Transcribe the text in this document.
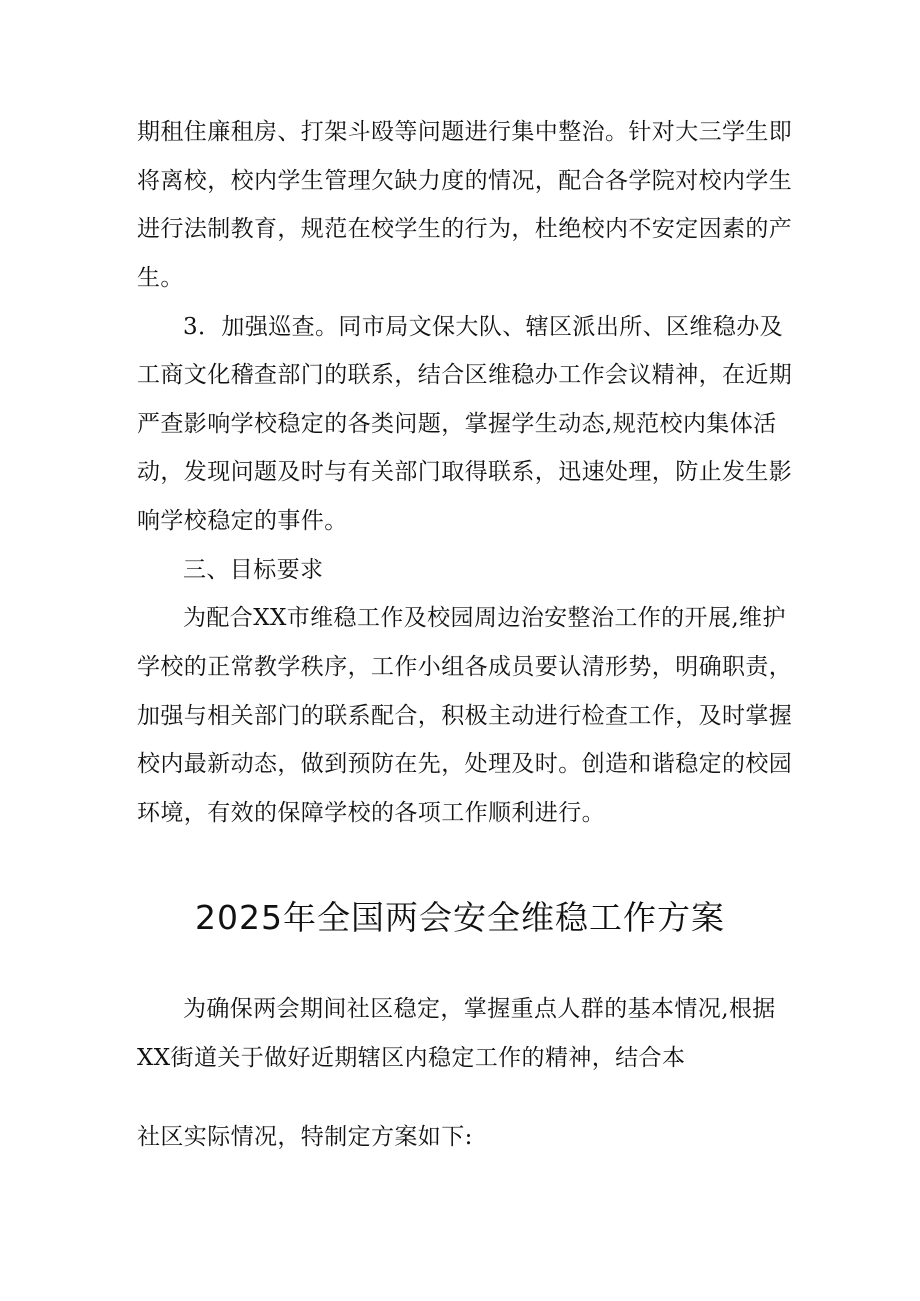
期租住廉租房、打架斗殴等问题进行集中整治。针对大三学生即
将离校，校内学生管理欠缺力度的情况，配合各学院对校内学生
进行法制教育，规范在校学生的行为，杜绝校内不安定因素的产
生。
3．加强巡查。同市局文保大队、辖区派出所、区维稳办及
工商文化稽查部门的联系，结合区维稳办工作会议精神，在近期
严查影响学校稳定的各类问题，掌握学生动态,规范校内集体活
动，发现问题及时与有关部门取得联系，迅速处理，防止发生影
响学校稳定的事件。
三、目标要求
为配合XX市维稳工作及校园周边治安整治工作的开展,维护
学校的正常教学秩序，工作小组各成员要认清形势，明确职责，
加强与相关部门的联系配合，积极主动进行检查工作，及时掌握
校内最新动态，做到预防在先，处理及时。创造和谐稳定的校园
环境，有效的保障学校的各项工作顺利进行。
2025年全国两会安全维稳工作方案
为确保两会期间社区稳定，掌握重点人群的基本情况,根据
XX街道关于做好近期辖区内稳定工作的精神，结合本
社区实际情况，特制定方案如下:
